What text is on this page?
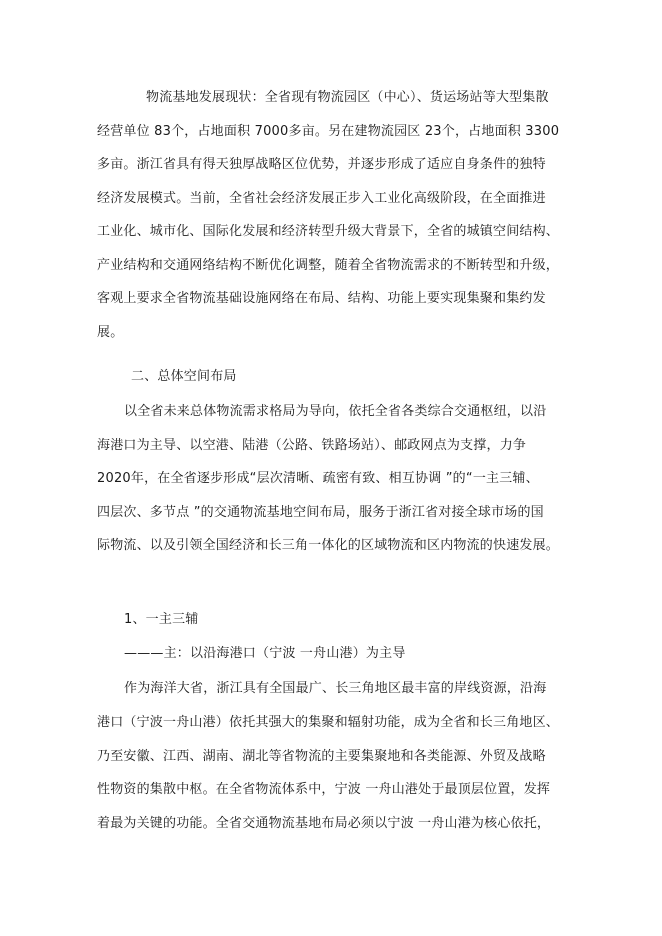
物流基地发展现状：全省现有物流园区（中心）、货运场站等大型集散
经营单位 83个，占地面积 7000多亩。另在建物流园区 23个，占地面积 3300
多亩。浙江省具有得天独厚战略区位优势，并逐步形成了适应自身条件的独特
经济发展模式。当前，全省社会经济发展正步入工业化高级阶段，在全面推进
工业化、城市化、国际化发展和经济转型升级大背景下，全省的城镇空间结构、
产业结构和交通网络结构不断优化调整，随着全省物流需求的不断转型和升级，
客观上要求全省物流基础设施网络在布局、结构、功能上要实现集聚和集约发
展。
二、总体空间布局
以全省未来总体物流需求格局为导向，依托全省各类综合交通枢纽，以沿
海港口为主导、以空港、陆港（公路、铁路场站）、邮政网点为支撑，力争
2020年，在全省逐步形成“层次清晰、疏密有致、相互协调 ”的“一主三辅、
四层次、多节点 ”的交通物流基地空间布局，服务于浙江省对接全球市场的国
际物流、以及引领全国经济和长三角一体化的区域物流和区内物流的快速发展。
1、一主三辅
———主：以沿海港口（宁波 一舟山港）为主导
作为海洋大省，浙江具有全国最广、长三角地区最丰富的岸线资源，沿海
港口（宁波一舟山港）依托其强大的集聚和辐射功能，成为全省和长三角地区、
乃至安徽、江西、湖南、湖北等省物流的主要集聚地和各类能源、外贸及战略
性物资的集散中枢。在全省物流体系中，宁波 一舟山港处于最顶层位置，发挥
着最为关键的功能。全省交通物流基地布局必须以宁波 一舟山港为核心依托，
